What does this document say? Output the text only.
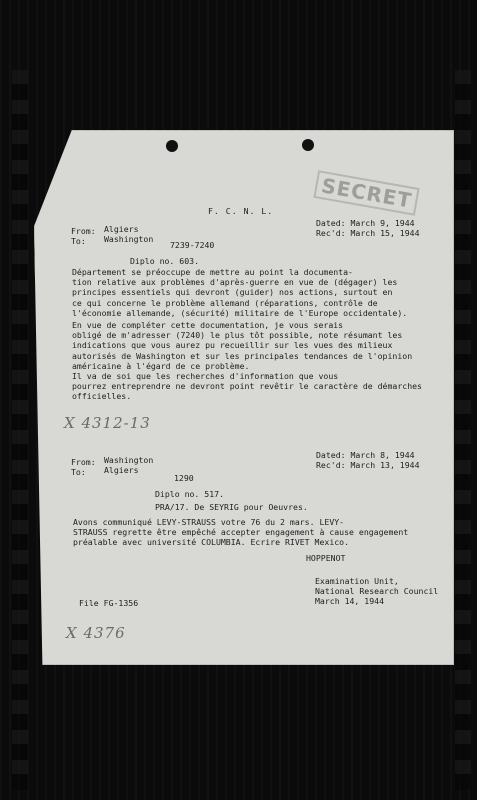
F. C. N. L.	SECRET
From: Algiers
To: Washington
Dated: March 9, 1944
Rec'd: March 15, 1944
7239-7240
Diplo no. 603.
Département se préoccupe de mettre au point la documenta-
tion relative aux problèmes d'après-guerre en vue de (dégager) les
principes essentiels qui devront (guider) nos actions, surtout en
ce qui concerne le problème allemand (réparations, contrôle de
l'économie allemande, (sécurité) militaire de l'Europe occidentale).
En vue de compléter cette documentation, je vous serais
obligé de m'adresser (7240) le plus tôt possible, note résumant les
indications que vous aurez pu recueillir sur les vues des milieux
autorisés de Washington et sur les principales tendances de l'opinion
américaine à l'égard de ce problème.
Il va de soi que les recherches d'information que vous
pourrez entreprendre ne devront point revêtir le caractère de démarches
officielles.
X 4312-13
From: Washington
To: Algiers
Dated: March 8, 1944
Rec'd: March 13, 1944
1290
Diplo no. 517.
PRA/17. De SEYRIG pour Oeuvres.
Avons communiqué LEVY-STRAUSS votre 76 du 2 mars. LEVY-
STRAUSS regrette être empêché accepter engagement à cause engagement
préalable avec université COLUMBIA. Ecrire RIVET Mexico.
HOPPENOT
Examination Unit,
National Research Council
March 14, 1944
File FG-1356
X 4376
